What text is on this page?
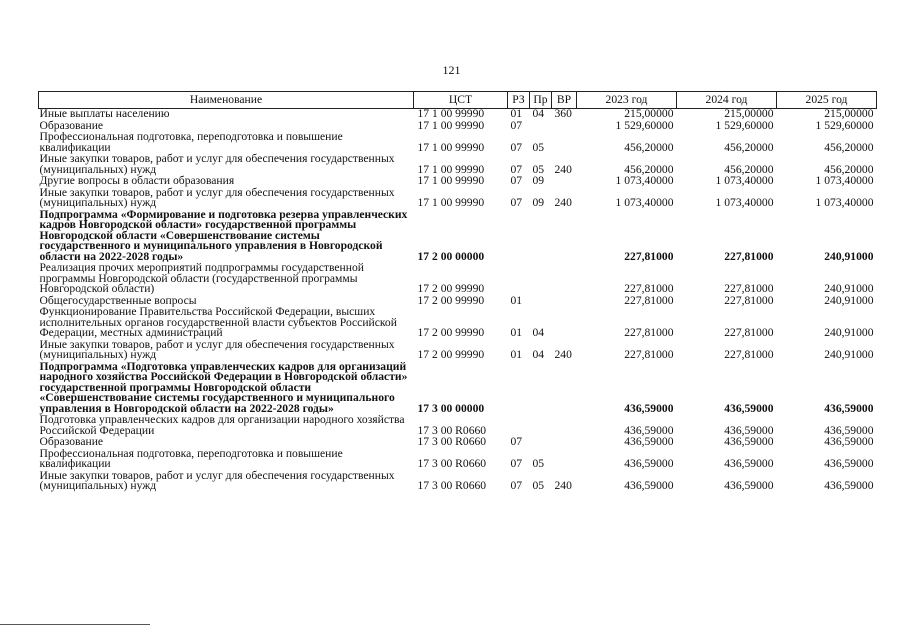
121
Наименование	ЦСТ	РЗ	Пр	ВР	2023 год	2024 год	2025 год
Иные выплаты населению	17 1 00 99990	01	04	360	215,00000	215,00000	215,00000
Образование	17 1 00 99990	07			1 529,60000	1 529,60000	1 529,60000
Профессиональная подготовка, переподготовка и повышение квалификации	17 1 00 99990	07	05		456,20000	456,20000	456,20000
Иные закупки товаров, работ и услуг для обеспечения государственных (муниципальных) нужд	17 1 00 99990	07	05	240	456,20000	456,20000	456,20000
Другие вопросы в области образования	17 1 00 99990	07	09		1 073,40000	1 073,40000	1 073,40000
Иные закупки товаров, работ и услуг для обеспечения государственных (муниципальных) нужд	17 1 00 99990	07	09	240	1 073,40000	1 073,40000	1 073,40000
Подпрограмма «Формирование и подготовка резерва управленческих кадров Новгородской области» государственной программы Новгородской области «Совершенствование системы государственного и муниципального управления в Новгородской области на 2022-2028 годы»	17 2 00 00000				227,81000	227,81000	240,91000
Реализация прочих мероприятий подпрограммы государственной программы Новгородской области (государственной программы Новгородской области)	17 2 00 99990				227,81000	227,81000	240,91000
Общегосударственные вопросы	17 2 00 99990	01			227,81000	227,81000	240,91000
Функционирование Правительства Российской Федерации, высших исполнительных органов государственной власти субъектов Российской Федерации, местных администраций	17 2 00 99990	01	04		227,81000	227,81000	240,91000
Иные закупки товаров, работ и услуг для обеспечения государственных (муниципальных) нужд	17 2 00 99990	01	04	240	227,81000	227,81000	240,91000
Подпрограмма «Подготовка управленческих кадров для организаций народного хозяйства Российской Федерации в Новгородской области» государственной программы Новгородской области «Совершенствование системы государственного и муниципального управления в Новгородской области на 2022-2028 годы»	17 3 00 00000				436,59000	436,59000	436,59000
Подготовка управленческих кадров для организации народного хозяйства Российской Федерации	17 3 00 R0660				436,59000	436,59000	436,59000
Образование	17 3 00 R0660	07			436,59000	436,59000	436,59000
Профессиональная подготовка, переподготовка и повышение квалификации	17 3 00 R0660	07	05		436,59000	436,59000	436,59000
Иные закупки товаров, работ и услуг для обеспечения государственных (муниципальных) нужд	17 3 00 R0660	07	05	240	436,59000	436,59000	436,59000
